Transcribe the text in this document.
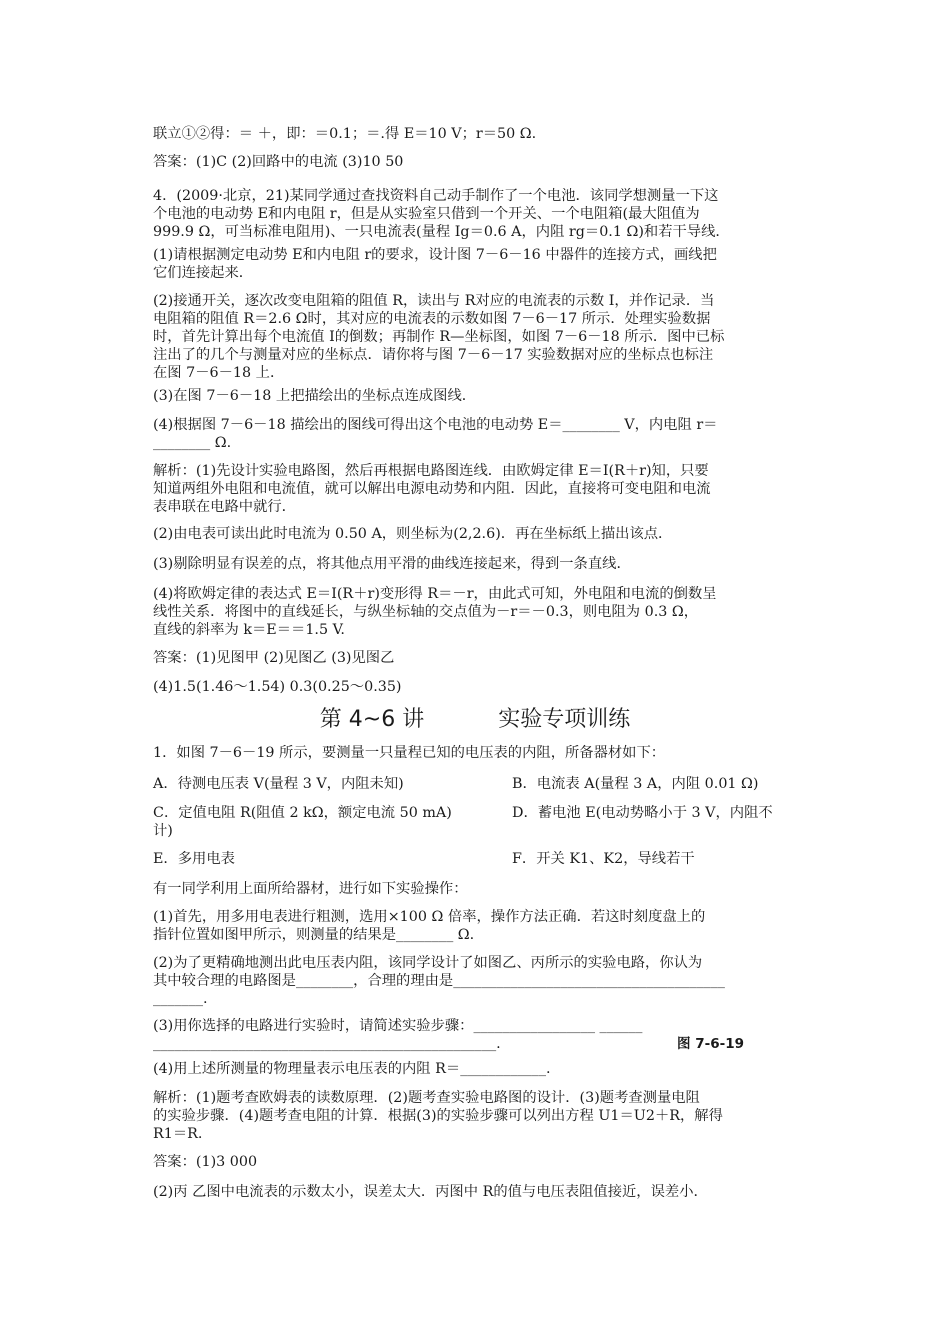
联立①②得：＝ ＋，即：＝0.1；＝.得 E＝10 V；r＝50 Ω.
答案：(1)C (2)回路中的电流 (3)10 50
4．(2009·北京，21)某同学通过查找资料自己动手制作了一个电池．该同学想测量一下这
个电池的电动势 E和内电阻 r，但是从实验室只借到一个开关、一个电阻箱(最大阻值为
999.9 Ω，可当标准电阻用)、一只电流表(量程 Ig＝0.6 A，内阻 rg＝0.1 Ω)和若干导线．
(1)请根据测定电动势 E和内电阻 r的要求，设计图 7－6－16 中器件的连接方式，画线把
它们连接起来．
(2)接通开关，逐次改变电阻箱的阻值 R，读出与 R对应的电流表的示数 I，并作记录．当
电阻箱的阻值 R＝2.6 Ω时，其对应的电流表的示数如图 7－6－17 所示．处理实验数据
时，首先计算出每个电流值 I的倒数；再制作 R—坐标图，如图 7－6－18 所示．图中已标
注出了的几个与测量对应的坐标点．请你将与图 7－6－17 实验数据对应的坐标点也标注
在图 7－6－18 上．
(3)在图 7－6－18 上把描绘出的坐标点连成图线．
(4)根据图 7－6－18 描绘出的图线可得出这个电池的电动势 E＝________ V，内电阻 r＝
________ Ω.
解析：(1)先设计实验电路图，然后再根据电路图连线．由欧姆定律 E＝I(R＋r)知，只要
知道两组外电阻和电流值，就可以解出电源电动势和内阻．因此，直接将可变电阻和电流
表串联在电路中就行．
(2)由电表可读出此时电流为 0.50 A，则坐标为(2,2.6)．再在坐标纸上描出该点．
(3)剔除明显有误差的点，将其他点用平滑的曲线连接起来，得到一条直线．
(4)将欧姆定律的表达式 E＝I(R＋r)变形得 R＝－r，由此式可知，外电阻和电流的倒数呈
线性关系．将图中的直线延长，与纵坐标轴的交点值为－r＝－0.3，则电阻为 0.3 Ω，
直线的斜率为 k＝E＝＝1.5 V.
答案：(1)见图甲 (2)见图乙 (3)见图乙
(4)1.5(1.46～1.54) 0.3(0.25～0.35)
第 4~6 讲	实验专项训练
1．如图 7－6－19 所示，要测量一只量程已知的电压表的内阻，所备器材如下：
A．待测电压表 V(量程 3 V，内阻未知)	B．电流表 A(量程 3 A，内阻 0.01 Ω)
C．定值电阻 R(阻值 2 kΩ，额定电流 50 mA)	D．蓄电池 E(电动势略小于 3 V，内阻不
计)
E．多用电表	F．开关 K1、K2，导线若干
有一同学利用上面所给器材，进行如下实验操作：
(1)首先，用多用电表进行粗测，选用×100 Ω 倍率，操作方法正确．若这时刻度盘上的
指针位置如图甲所示，则测量的结果是________ Ω.
(2)为了更精确地测出此电压表内阻，该同学设计了如图乙、丙所示的实验电路，你认为
其中较合理的电路图是________，合理的理由是______________________________________
_______.
(3)用你选择的电路进行实验时，请简述实验步骤：_________________ ______
________________________________________________.	图 7-6-19
(4)用上述所测量的物理量表示电压表的内阻 R＝____________.
解析：(1)题考查欧姆表的读数原理．(2)题考查实验电路图的设计．(3)题考查测量电阻
的实验步骤．(4)题考查电阻的计算．根据(3)的实验步骤可以列出方程 U1＝U2＋R，解得
R1＝R.
答案：(1)3 000
(2)丙 乙图中电流表的示数太小，误差太大．丙图中 R的值与电压表阻值接近，误差小．
